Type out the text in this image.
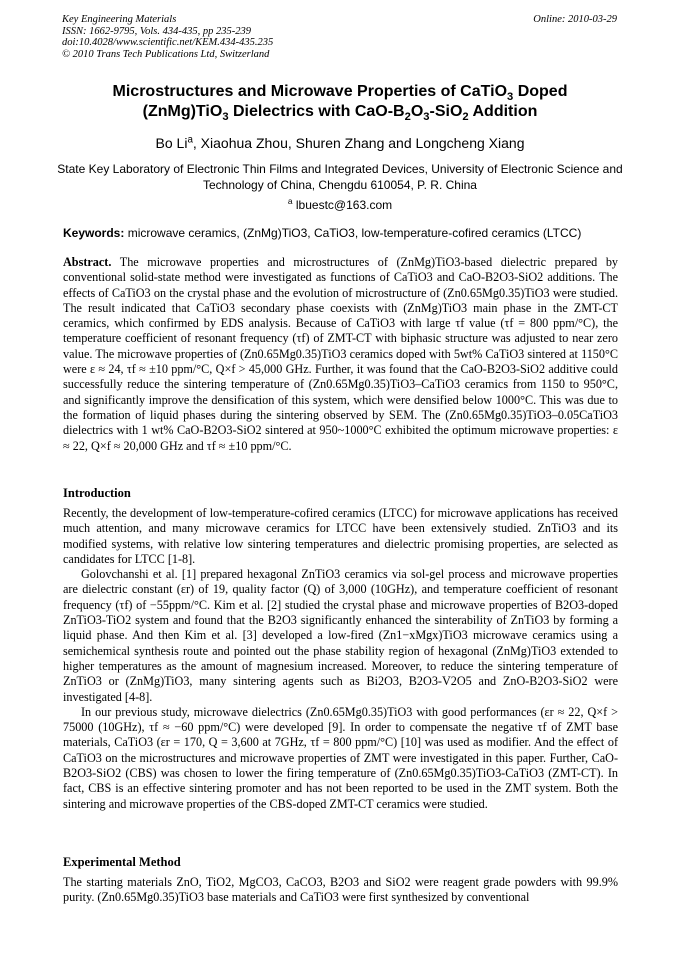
Key Engineering Materials
ISSN: 1662-9795, Vols. 434-435, pp 235-239
doi:10.4028/www.scientific.net/KEM.434-435.235
© 2010 Trans Tech Publications Ltd, Switzerland
Online: 2010-03-29
Microstructures and Microwave Properties of CaTiO$_3$ Doped
(ZnMg)TiO$_3$ Dielectrics with CaO-$B_2O_3-SiO_2$ Addition
Bo Li$^a$, Xiaohua Zhou, Shuren Zhang and Longcheng Xiang
State Key Laboratory of Electronic Thin Films and Integrated Devices, University of Electronic Science and Technology of China, Chengdu 610054, P. R. China
$^a$ lbuestc@163.com
Keywords: microwave ceramics, (ZnMg)TiO3, CaTiO3, low-temperature-cofired ceramics (LTCC)

Abstract. The microwave properties and microstructures of (ZnMg)TiO3-based dielectric prepared by conventional solid-state method were investigated as functions of CaTiO3 and CaO-B2O3-SiO2 additions. The effects of CaTiO3 on the crystal phase and the evolution of microstructure of (Zn0.65Mg0.35)TiO3 were studied. The result indicated that CaTiO3 secondary phase coexists with (ZnMg)TiO3 main phase in the ZMT-CT ceramics, which confirmed by EDS analysis. Because of CaTiO3 with large τf value (τf = 800 ppm/°C), the temperature coefficient of resonant frequency (τf) of ZMT-CT with biphasic structure was adjusted to near zero value. The microwave properties of (Zn0.65Mg0.35)TiO3 ceramics doped with 5wt% CaTiO3 sintered at 1150°C were ε ≈ 24, τf ≈ ±10 ppm/°C, Q×f > 45,000 GHz. Further, it was found that the CaO-B2O3-SiO2 additive could successfully reduce the sintering temperature of (Zn0.65Mg0.35)TiO3–CaTiO3 ceramics from 1150 to 950°C, and significantly improve the densification of this system, which were densified below 1000°C. This was due to the formation of liquid phases during the sintering observed by SEM. The (Zn0.65Mg0.35)TiO3–0.05CaTiO3 dielectrics with 1 wt% CaO-B2O3-SiO2 sintered at 950~1000°C exhibited the optimum microwave properties: ε ≈ 22, Q×f ≈ 20,000 GHz and τf ≈ ±10 ppm/°C.

Introduction

Recently, the development of low-temperature-cofired ceramics (LTCC) for microwave applications has received much attention, and many microwave ceramics for LTCC have been extensively studied. ZnTiO3 and its modified systems, with relative low sintering temperatures and dielectric promising properties, are selected as candidates for LTCC [1-8].

Golovchanshi et al. [1] prepared hexagonal ZnTiO3 ceramics via sol-gel process and microwave properties are dielectric constant (εr) of 19, quality factor (Q) of 3,000 (10GHz), and temperature coefficient of resonant frequency (τf) of −55ppm/°C. Kim et al. [2] studied the crystal phase and microwave properties of B2O3-doped ZnTiO3-TiO2 system and found that the B2O3 significantly enhanced the sinterability of ZnTiO3 by forming a liquid phase. And then Kim et al. [3] developed a low-fired (Zn1−xMgx)TiO3 microwave ceramics using a semichemical synthesis route and pointed out the phase stability region of hexagonal (ZnMg)TiO3 extended to higher temperatures as the amount of magnesium increased. Moreover, to reduce the sintering temperature of ZnTiO3 or (ZnMg)TiO3, many sintering agents such as Bi2O3, B2O3-V2O5 and ZnO-B2O3-SiO2 were investigated [4-8].

In our previous study, microwave dielectrics (Zn0.65Mg0.35)TiO3 with good performances (εr ≈ 22, Q×f > 75000 (10GHz), τf ≈ −60 ppm/°C) were developed [9]. In order to compensate the negative τf of ZMT base materials, CaTiO3 (εr = 170, Q = 3,600 at 7GHz, τf = 800 ppm/°C) [10] was used as modifier. And the effect of CaTiO3 on the microstructures and microwave properties of ZMT were investigated in this paper. Further, CaO-B2O3-SiO2 (CBS) was chosen to lower the firing temperature of (Zn0.65Mg0.35)TiO3-CaTiO3 (ZMT-CT). In fact, CBS is an effective sintering promoter and has not been reported to be used in the ZMT system. Both the sintering and microwave properties of the CBS-doped ZMT-CT ceramics were studied.

Experimental Method

The starting materials ZnO, TiO2, MgCO3, CaCO3, B2O3 and SiO2 were reagent grade powders with 99.9% purity. (Zn0.65Mg0.35)TiO3 base materials and CaTiO3 were first synthesized by conventional
